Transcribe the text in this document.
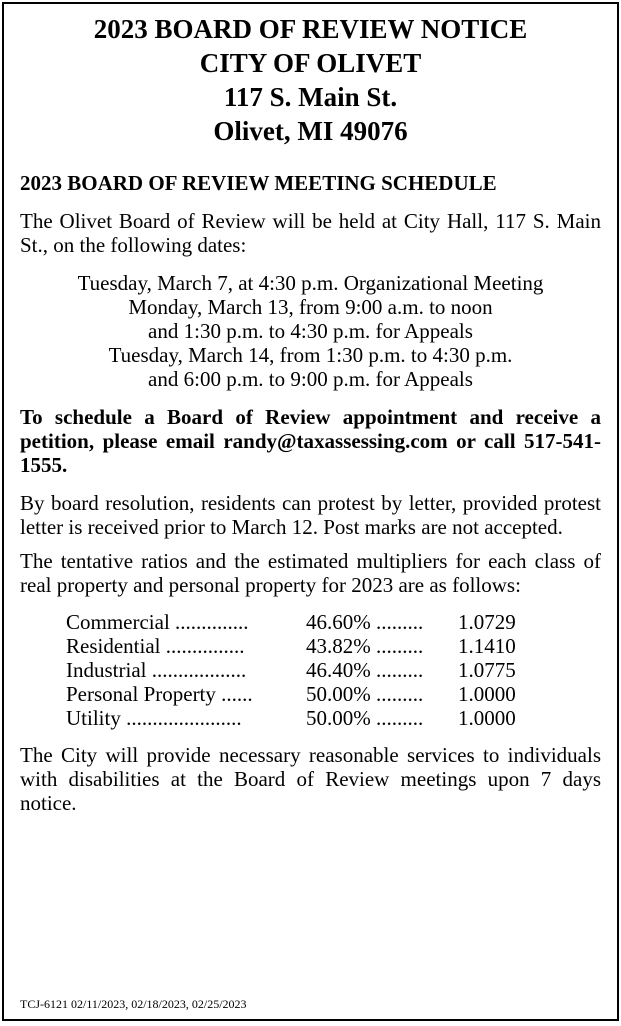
2023 BOARD OF REVIEW NOTICE
CITY OF OLIVET
117 S. Main St.
Olivet, MI 49076
2023 BOARD OF REVIEW MEETING SCHEDULE

The Olivet Board of Review will be held at City Hall, 117 S. Main St., on the following dates:

Tuesday, March 7, at 4:30 p.m. Organizational Meeting
Monday, March 13, from 9:00 a.m. to noon
and 1:30 p.m. to 4:30 p.m. for Appeals
Tuesday, March 14, from 1:30 p.m. to 4:30 p.m.
and 6:00 p.m. to 9:00 p.m. for Appeals

To schedule a Board of Review appointment and receive a petition, please email randy@taxassessing.com or call 517-541-1555.

By board resolution, residents can protest by letter, provided protest letter is received prior to March 12. Post marks are not accepted.

The tentative ratios and the estimated multipliers for each class of real property and personal property for 2023 are as follows:

Commercial ..............	46.60% ......... 1.0729
Residential ...............	43.82% ......... 1.1410
Industrial ..................	46.40% ......... 1.0775
Personal Property ......	50.00% ......... 1.0000
Utility ......................	50.00% ......... 1.0000

The City will provide necessary reasonable services to individuals with disabilities at the Board of Review meetings upon 7 days notice.

TCJ-6121 02/11/2023, 02/18/2023, 02/25/2023
